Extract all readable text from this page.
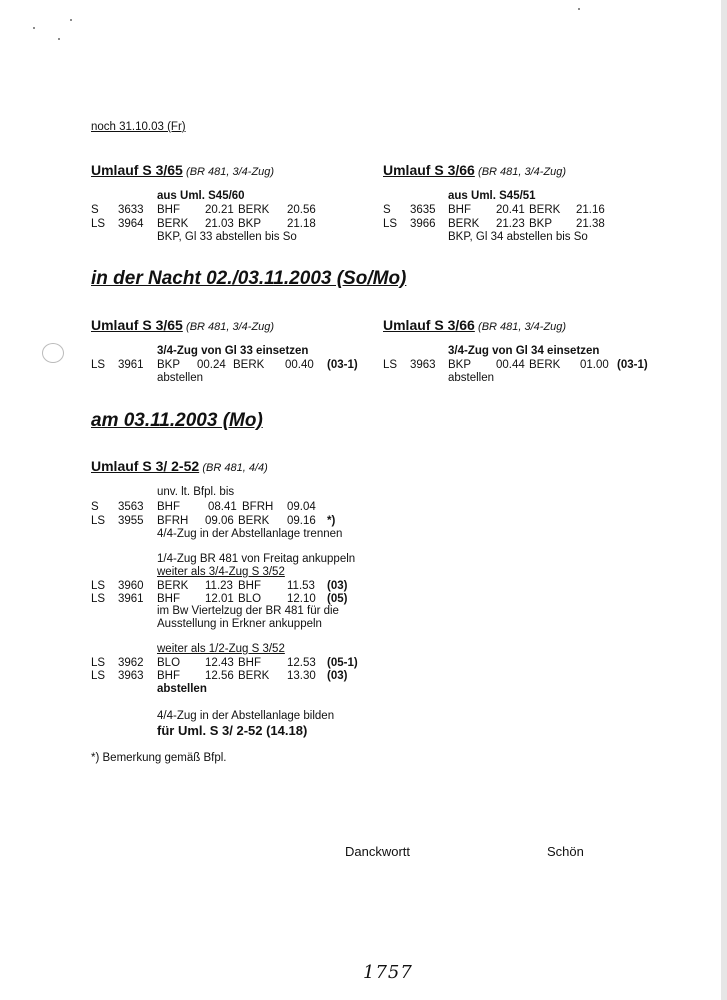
noch 31.10.03 (Fr)
Umlauf S 3/65 (BR 481, 3/4-Zug)
aus Uml. S45/60
S 3633 BHF 20.21 BERK 20.56
LS 3964 BERK 21.03 BKP 21.18
BKP, Gl 33 abstellen bis So
Umlauf S 3/66 (BR 481, 3/4-Zug)
aus Uml. S45/51
S 3635 BHF 20.41 BERK 21.16
LS 3966 BERK 21.23 BKP 21.38
BKP, Gl 34 abstellen bis So
in der Nacht 02./03.11.2003 (So/Mo)
Umlauf S 3/65 (BR 481, 3/4-Zug)
3/4-Zug von Gl 33 einsetzen
LS 3961 BKP 00.24 BERK 00.40 (03-1)
abstellen
Umlauf S 3/66 (BR 481, 3/4-Zug)
3/4-Zug von Gl 34 einsetzen
LS 3963 BKP 00.44 BERK 01.00 (03-1)
abstellen
am 03.11.2003 (Mo)
Umlauf S 3/ 2-52 (BR 481, 4/4)
unv. lt. Bfpl. bis
S 3563 BHF 08.41 BFRH 09.04
LS 3955 BFRH 09.06 BERK 09.16 *)
4/4-Zug in der Abstellanlage trennen
1/4-Zug BR 481 von Freitag ankuppeln
weiter als 3/4-Zug S 3/52
LS 3960 BERK 11.23 BHF 11.53 (03)
LS 3961 BHF 12.01 BLO 12.10 (05)
im Bw Viertelzug der BR 481 für die
Ausstellung in Erkner ankuppeln
weiter als 1/2-Zug S 3/52
LS 3962 BLO 12.43 BHF 12.53 (05-1)
LS 3963 BHF 12.56 BERK 13.30 (03)
abstellen
4/4-Zug in der Abstellanlage bilden
für Uml. S 3/ 2-52 (14.18)
*) Bemerkung gemäß Bfpl.
Danckwortt	Schön
1757
